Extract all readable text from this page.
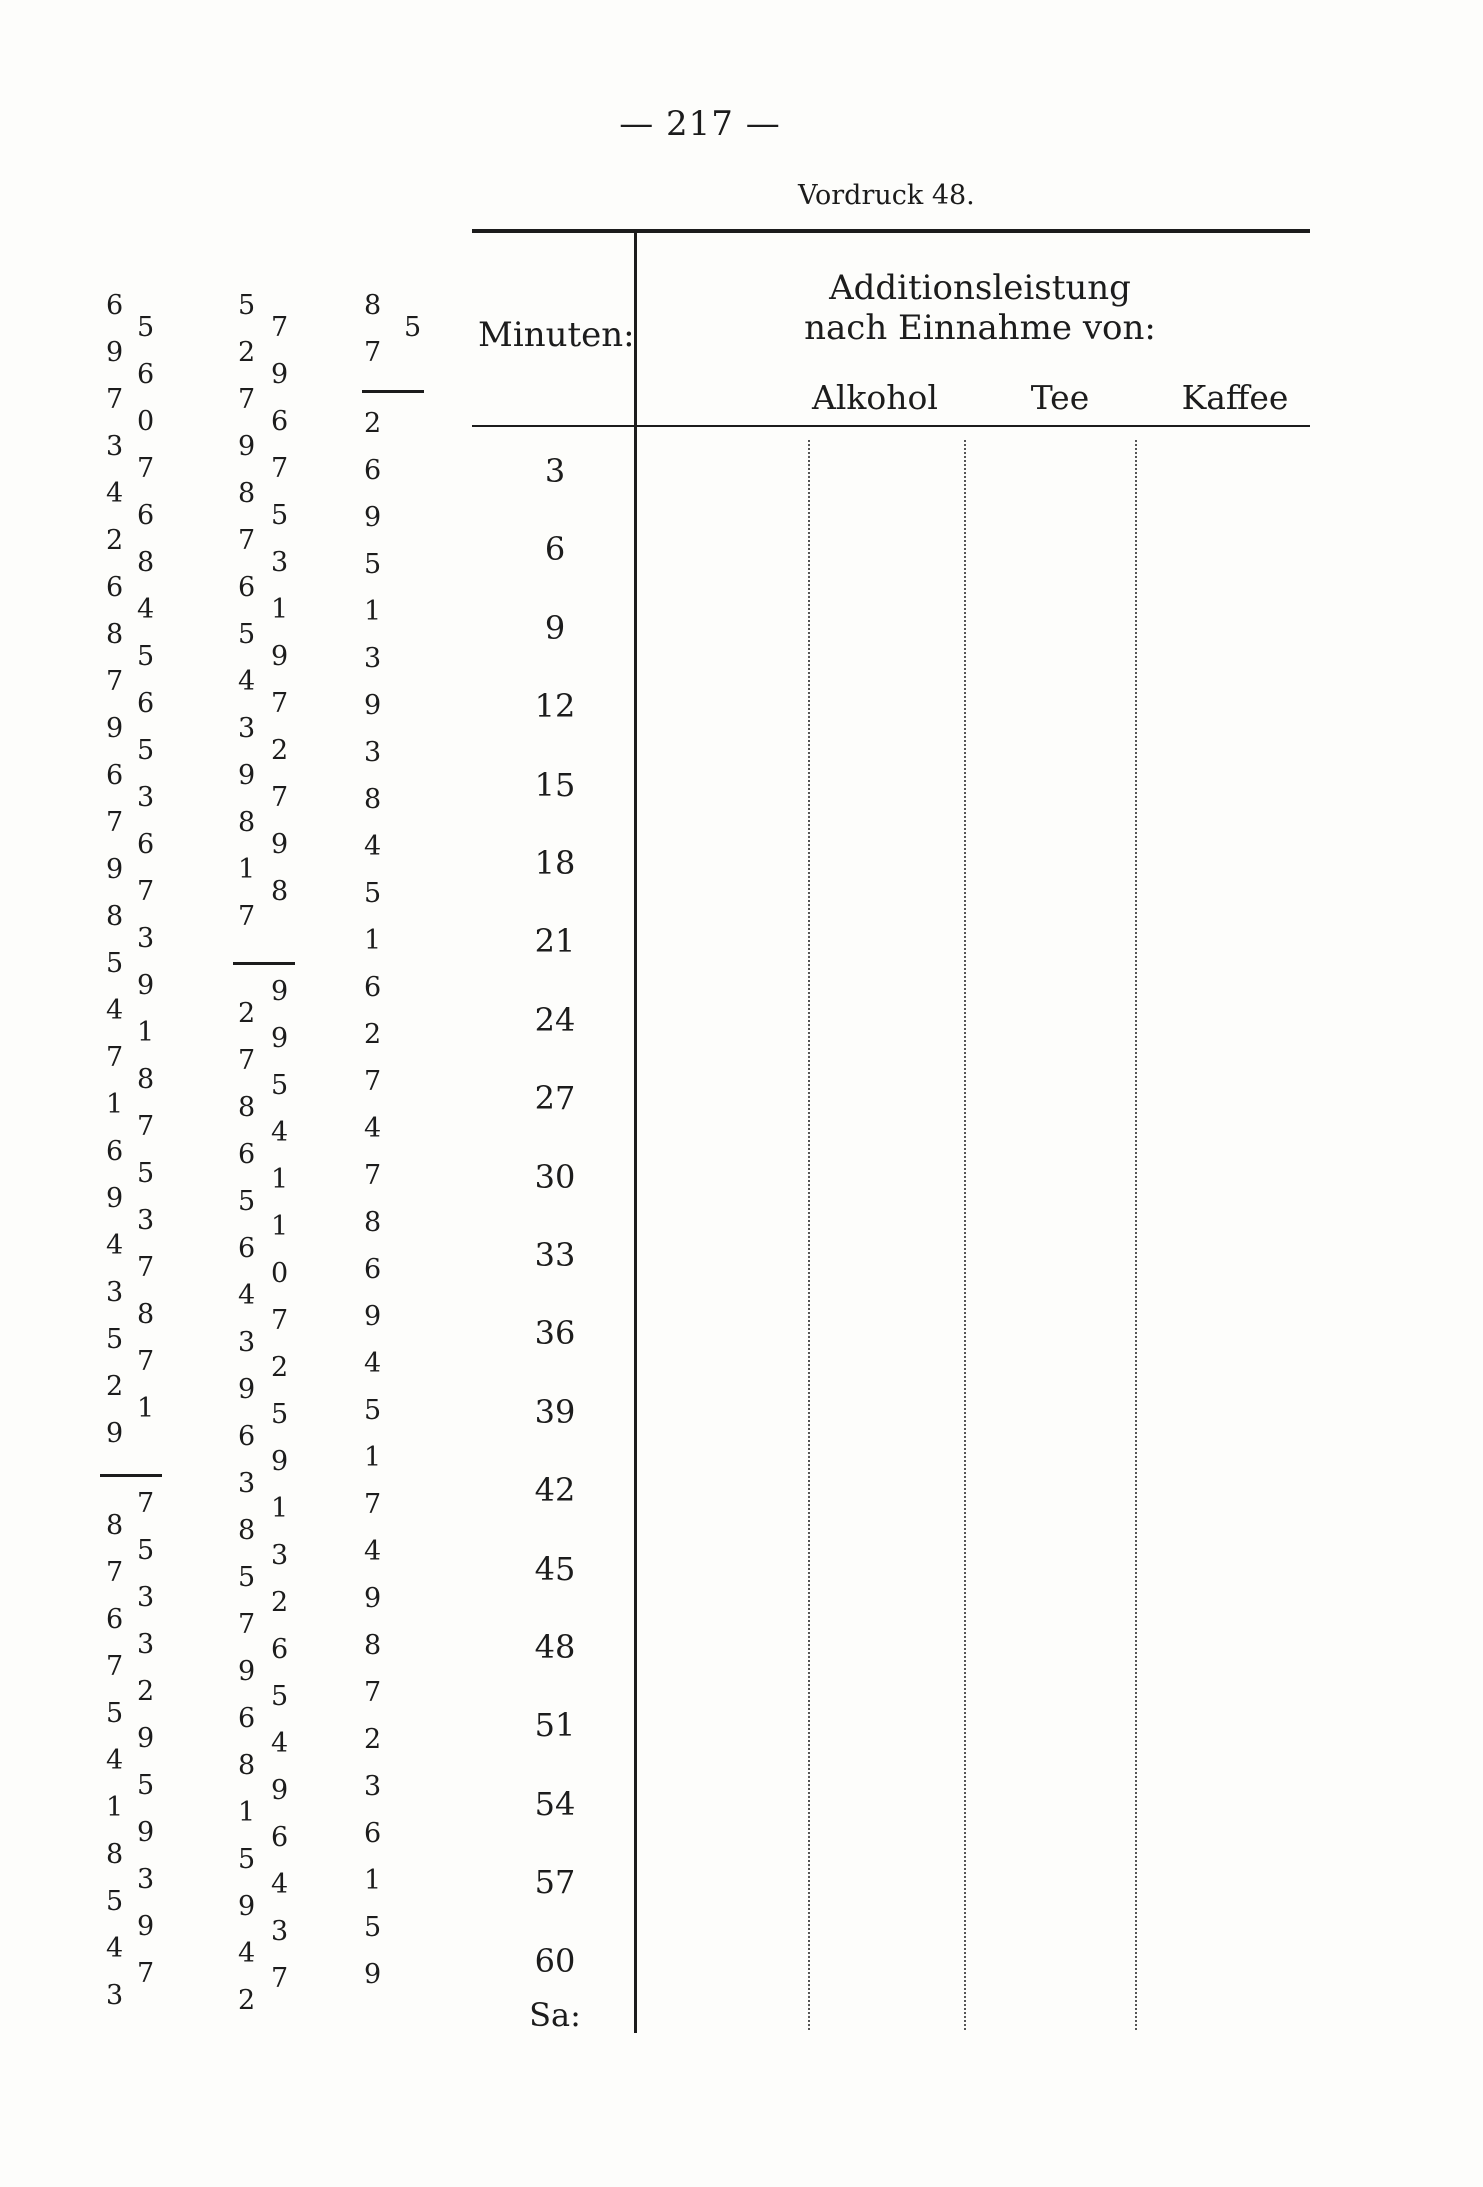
— 217 —
Vordruck 48.
6
9
7
3
4
2
6
8
7
9
6
7
9
8
5
4
7
1
6
9
4
3
5
2
9
5
6
0
7
6
8
4
5
6
5
3
6
7
3
9
1
8
7
5
3
7
8
7
1
8
7
6
7
5
4
1
8
5
4
3
7
5
3
3
2
9
5
9
3
9
7
5
2
7
9
8
7
6
5
4
3
9
8
1
7
7
9
6
7
5
3
1
9
7
2
7
9
8
2
7
8
6
5
6
4
3
9
6
3
8
5
7
9
6
8
1
5
9
4
2
9
9
5
4
1
1
0
7
2
5
9
1
3
2
6
5
4
9
6
4
3
7
8
7
5
2
6
9
5
1
3
9
3
8
4
5
1
6
2
7
4
7
8
6
9
4
5
1
7
4
9
8
7
2
3
6
1
5
9
Minuten:
Additionsleistung
nach Einnahme von:
Alkohol	Tee	Kaffee
3
6
9
12
15
18
21
24
27
30
33
36
39
42
45
48
51
54
57
60
Sa:
